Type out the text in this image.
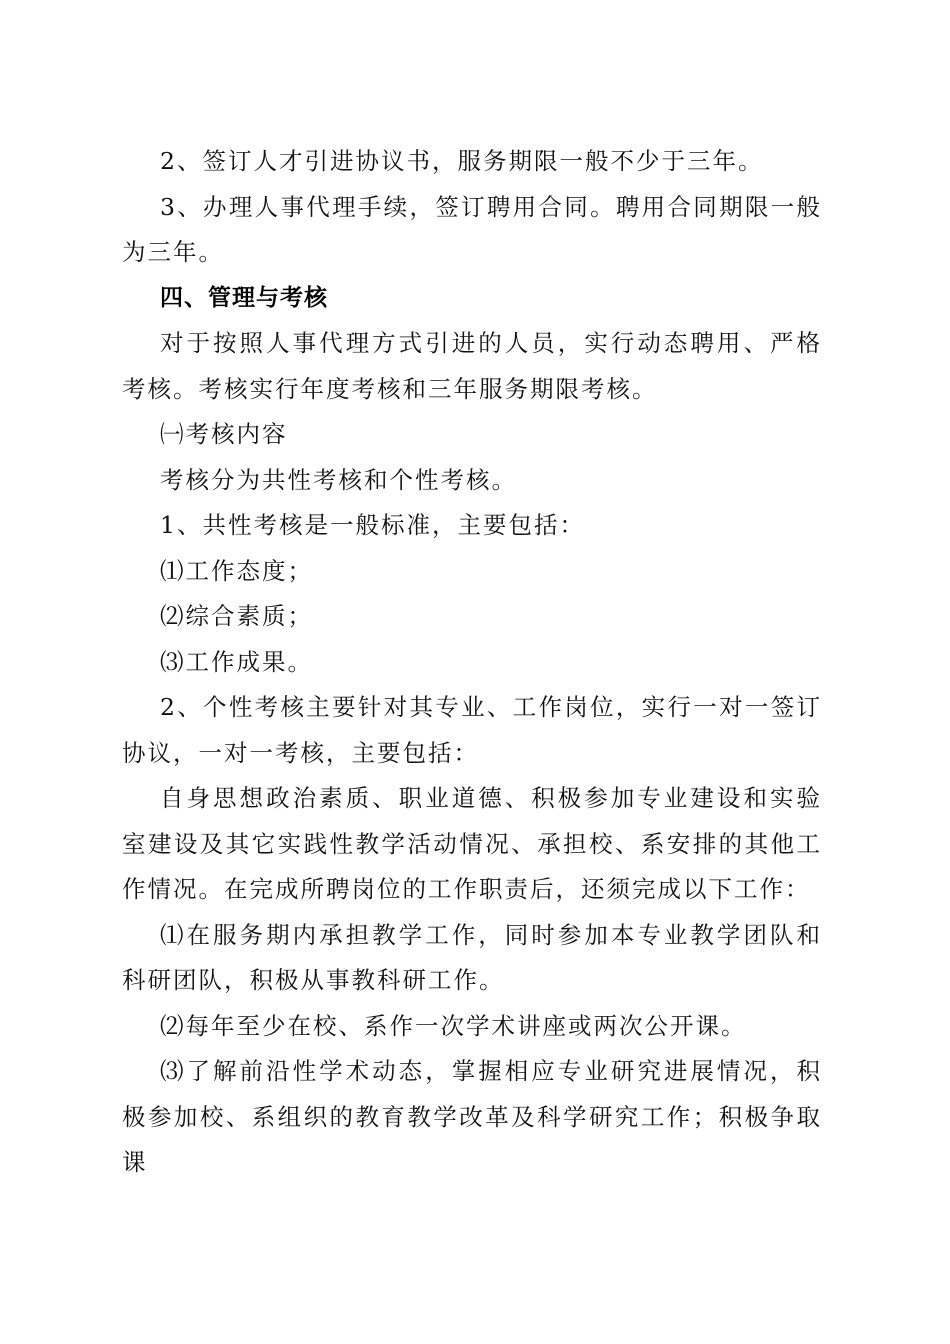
2、签订人才引进协议书，服务期限一般不少于三年。

3、办理人事代理手续，签订聘用合同。聘用合同期限一般为三年。

四、管理与考核

对于按照人事代理方式引进的人员，实行动态聘用、严格考核。考核实行年度考核和三年服务期限考核。

㈠考核内容

考核分为共性考核和个性考核。

1、共性考核是一般标准，主要包括：

⑴工作态度；

⑵综合素质；

⑶工作成果。

2、个性考核主要针对其专业、工作岗位，实行一对一签订协议，一对一考核，主要包括：

自身思想政治素质、职业道德、积极参加专业建设和实验室建设及其它实践性教学活动情况、承担校、系安排的其他工作情况。在完成所聘岗位的工作职责后，还须完成以下工作：

⑴在服务期内承担教学工作，同时参加本专业教学团队和科研团队，积极从事教科研工作。

⑵每年至少在校、系作一次学术讲座或两次公开课。

⑶了解前沿性学术动态，掌握相应专业研究进展情况，积极参加校、系组织的教育教学改革及科学研究工作；积极争取课
